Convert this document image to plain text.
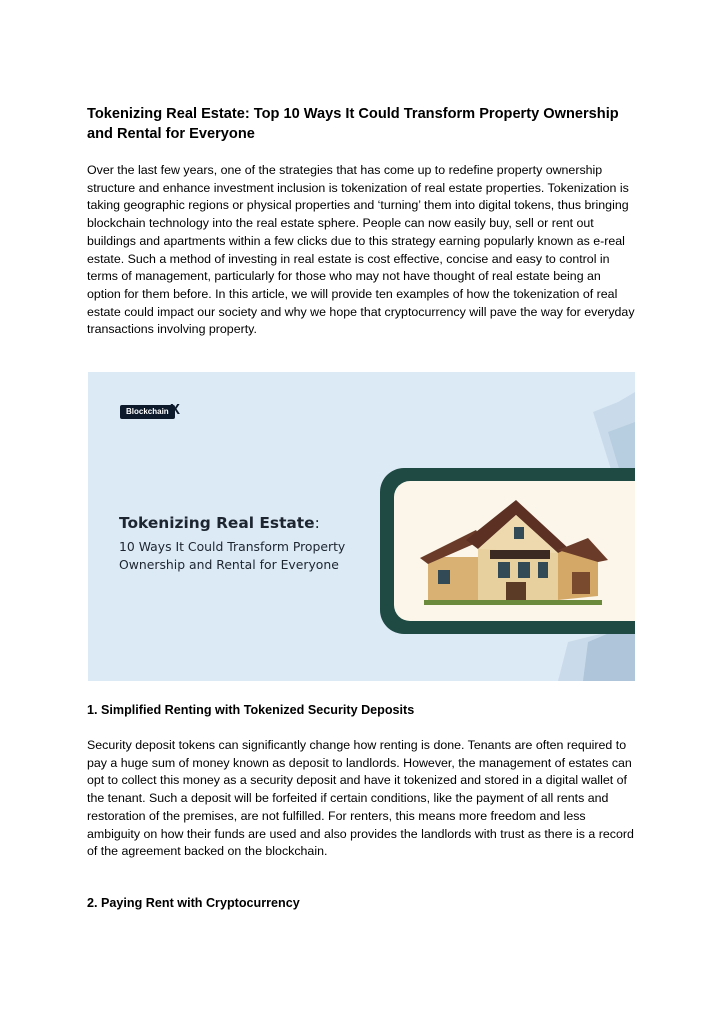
Tokenizing Real Estate: Top 10 Ways It Could Transform Property Ownership and Rental for Everyone

Over the last few years, one of the strategies that has come up to redefine property ownership structure and enhance investment inclusion is tokenization of real estate properties. Tokenization is taking geographic regions or physical properties and ‘turning’ them into digital tokens, thus bringing blockchain technology into the real estate sphere. People can now easily buy, sell or rent out buildings and apartments within a few clicks due to this strategy earning popularly known as e-real estate. Such a method of investing in real estate is cost effective, concise and easy to control in terms of management, particularly for those who may not have thought of real estate being an option for them before. In this article, we will provide ten examples of how the tokenization of real estate could impact our society and why we hope that cryptocurrency will pave the way for everyday transactions involving property.

Blockchain X
Tokenizing Real Estate:
10 Ways It Could Transform Property Ownership and Rental for Everyone
1. Simplified Renting with Tokenized Security Deposits

Security deposit tokens can significantly change how renting is done. Tenants are often required to pay a huge sum of money known as deposit to landlords. However, the management of estates can opt to collect this money as a security deposit and have it tokenized and stored in a digital wallet of the tenant. Such a deposit will be forfeited if certain conditions, like the payment of all rents and restoration of the premises, are not fulfilled. For renters, this means more freedom and less ambiguity on how their funds are used and also provides the landlords with trust as there is a record of the agreement backed on the blockchain.

2. Paying Rent with Cryptocurrency
